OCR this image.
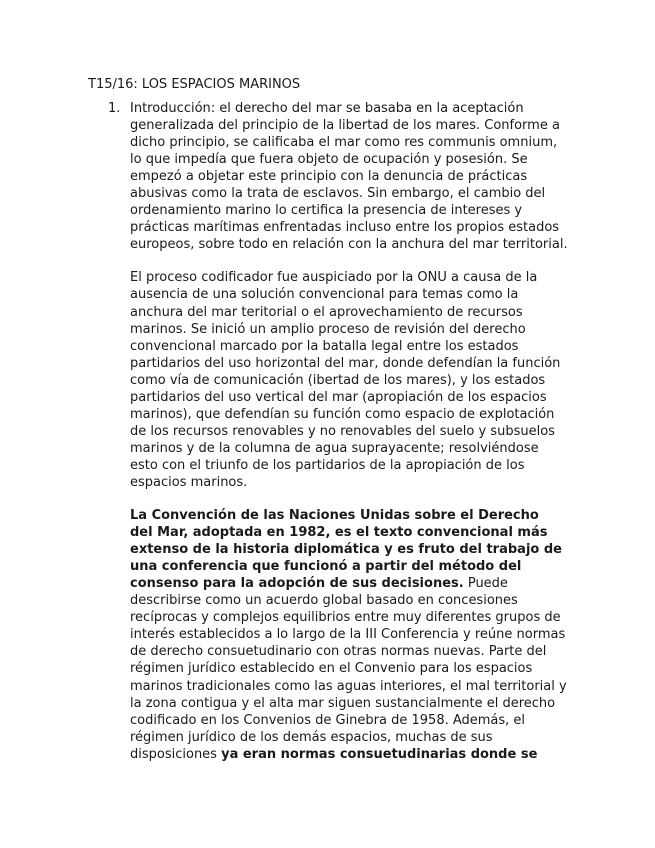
T15/16: LOS ESPACIOS MARINOS
1. Introducción: el derecho del mar se basaba en la aceptación
generalizada del principio de la libertad de los mares. Conforme a
dicho principio, se calificaba el mar como res communis omnium,
lo que impedía que fuera objeto de ocupación y posesión. Se
empezó a objetar este principio con la denuncia de prácticas
abusivas como la trata de esclavos. Sin embargo, el cambio del
ordenamiento marino lo certifica la presencia de intereses y
prácticas marítimas enfrentadas incluso entre los propios estados
europeos, sobre todo en relación con la anchura del mar territorial.

El proceso codificador fue auspiciado por la ONU a causa de la
ausencia de una solución convencional para temas como la
anchura del mar teritorial o el aprovechamiento de recursos
marinos. Se inició un amplio proceso de revisión del derecho
convencional marcado por la batalla legal entre los estados
partidarios del uso horizontal del mar, donde defendían la función
como vía de comunicación (ibertad de los mares), y los estados
partidarios del uso vertical del mar (apropiación de los espacios
marinos), que defendían su función como espacio de explotación
de los recursos renovables y no renovables del suelo y subsuelos
marinos y de la columna de agua suprayacente; resolviéndose
esto con el triunfo de los partidarios de la apropiación de los
espacios marinos.

La Convención de las Naciones Unidas sobre el Derecho
del Mar, adoptada en 1982, es el texto convencional más
extenso de la historia diplomática y es fruto del trabajo de
una conferencia que funcionó a partir del método del
consenso para la adopción de sus decisiones. Puede
describirse como un acuerdo global basado en concesiones
recíprocas y complejos equilibrios entre muy diferentes grupos de
interés establecidos a lo largo de la III Conferencia y reúne normas
de derecho consuetudinario con otras normas nuevas. Parte del
régimen jurídico establecido en el Convenio para los espacios
marinos tradicionales como las aguas interiores, el mal territorial y
la zona contigua y el alta mar siguen sustancialmente el derecho
codificado en los Convenios de Ginebra de 1958. Además, el
régimen jurídico de los demás espacios, muchas de sus
disposiciones ya eran normas consuetudinarias donde se
